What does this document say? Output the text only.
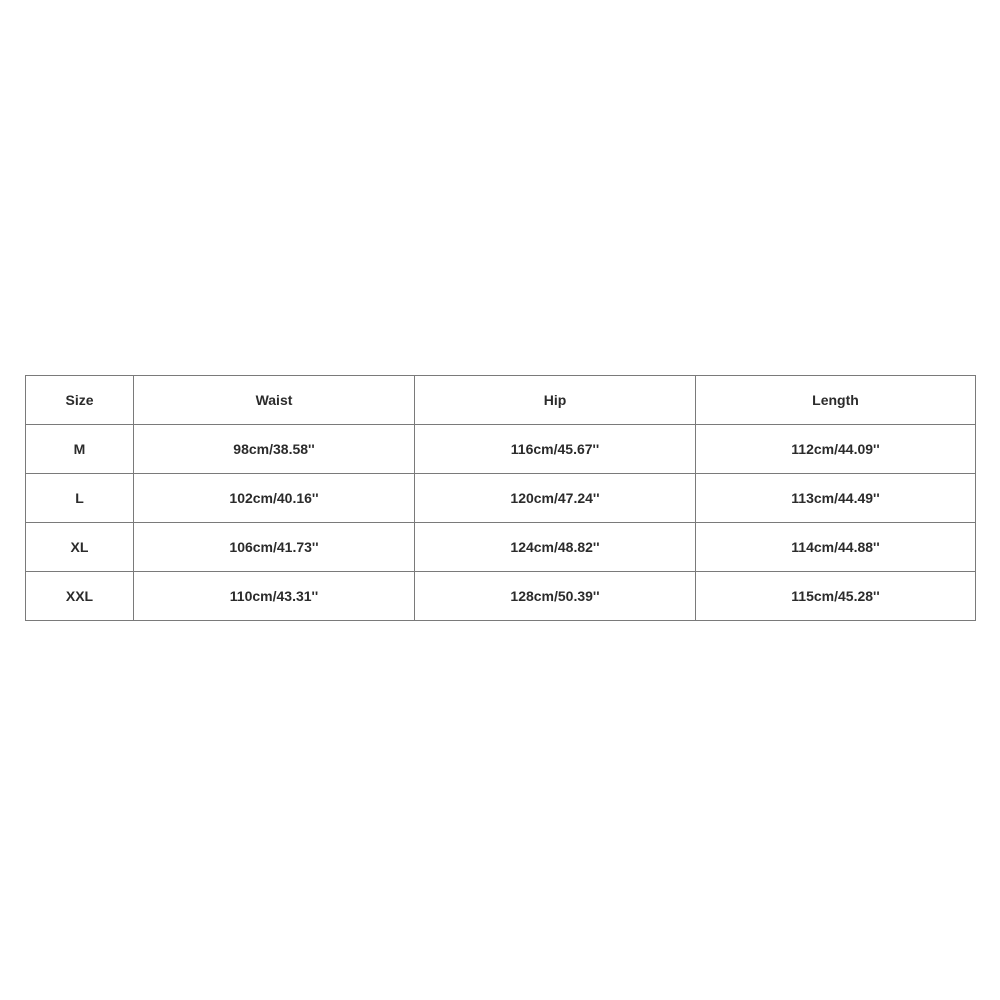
Size	Waist	Hip	Length
M	98cm/38.58''	116cm/45.67''	112cm/44.09''
L	102cm/40.16''	120cm/47.24''	113cm/44.49''
XL	106cm/41.73''	124cm/48.82''	114cm/44.88''
XXL	110cm/43.31''	128cm/50.39''	115cm/45.28''
